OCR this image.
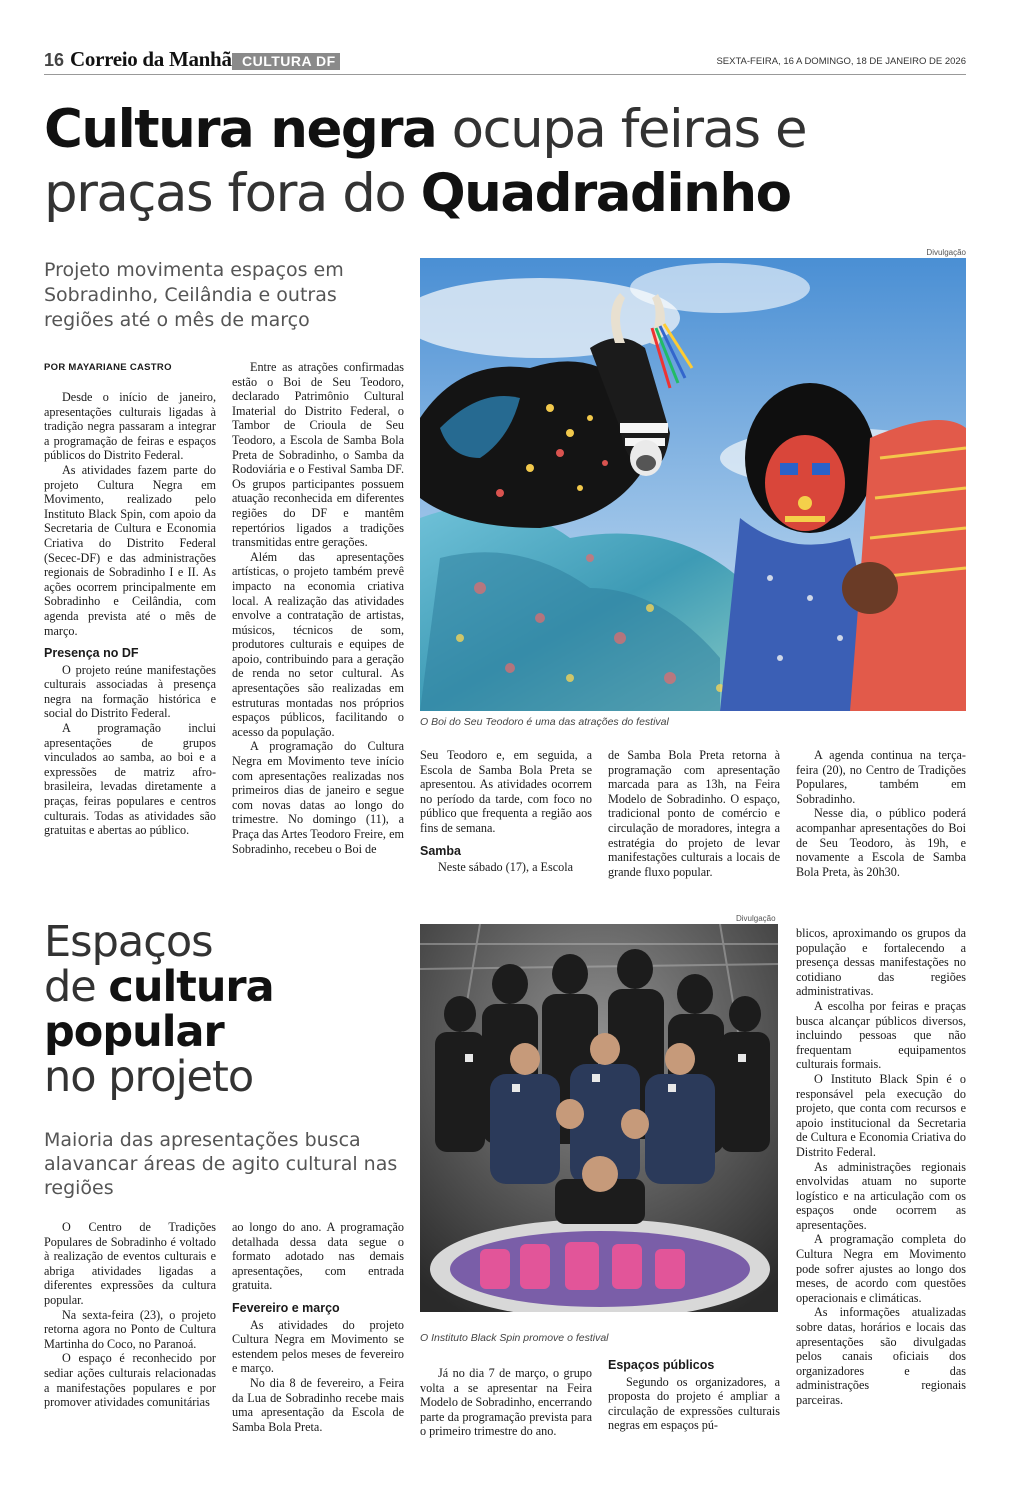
16 Correio da Manhã CULTURA DF	SEXTA-FEIRA, 16 A DOMINGO, 18 DE JANEIRO DE 2026
Cultura negra ocupa feiras e praças fora do Quadradinho
Projeto movimenta espaços em Sobradinho, Ceilândia e outras regiões até o mês de março
Divulgação
O Boi do Seu Teodoro é uma das atrações do festival
POR MAYARIANE CASTRO

Desde o início de janeiro, apresentações culturais ligadas à tradição negra passaram a integrar a programação de feiras e espaços públicos do Distrito Federal.

As atividades fazem parte do projeto Cultura Negra em Movimento, realizado pelo Instituto Black Spin, com apoio da Secretaria de Cultura e Economia Criativa do Distrito Federal (Secec-DF) e das administrações regionais de Sobradinho I e II. As ações ocorrem principalmente em Sobradinho e Ceilândia, com agenda prevista até o mês de março.

Presença no DF

O projeto reúne manifestações culturais associadas à presença negra na formação histórica e social do Distrito Federal.

A programação inclui apresentações de grupos vinculados ao samba, ao boi e a expressões de matriz afro-brasileira, levadas diretamente a praças, feiras populares e centros culturais. Todas as atividades são gratuitas e abertas ao público.

Entre as atrações confirmadas estão o Boi de Seu Teodoro, declarado Patrimônio Cultural Imaterial do Distrito Federal, o Tambor de Crioula de Seu Teodoro, a Escola de Samba Bola Preta de Sobradinho, o Samba da Rodoviária e o Festival Samba DF. Os grupos participantes possuem atuação reconhecida em diferentes regiões do DF e mantêm repertórios ligados a tradições transmitidas entre gerações.

Além das apresentações artísticas, o projeto também prevê impacto na economia criativa local. A realização das atividades envolve a contratação de artistas, músicos, técnicos de som, produtores culturais e equipes de apoio, contribuindo para a geração de renda no setor cultural. As apresentações são realizadas em estruturas montadas nos próprios espaços públicos, facilitando o acesso da população.

A programação do Cultura Negra em Movimento teve início com apresentações realizadas nos primeiros dias de janeiro e segue com novas datas ao longo do trimestre. No domingo (11), a Praça das Artes Teodoro Freire, em Sobradinho, recebeu o Boi de

Seu Teodoro e, em seguida, a Escola de Samba Bola Preta se apresentou. As atividades ocorrem no período da tarde, com foco no público que frequenta a região aos fins de semana.

Samba

Neste sábado (17), a Escola

de Samba Bola Preta retorna à programação com apresentação marcada para as 13h, na Feira Modelo de Sobradinho. O espaço, tradicional ponto de comércio e circulação de moradores, integra a estratégia do projeto de levar manifestações culturais a locais de grande fluxo popular.

A agenda continua na terça-feira (20), no Centro de Tradições Populares, também em Sobradinho.

Nesse dia, o público poderá acompanhar apresentações do Boi de Seu Teodoro, às 19h, e novamente a Escola de Samba Bola Preta, às 20h30.

Espaços
de cultura popular
no projeto
Maioria das apresentações busca alavancar áreas de agito cultural nas regiões
Divulgação
O Instituto Black Spin promove o festival

O Centro de Tradições Populares de Sobradinho é voltado à realização de eventos culturais e abriga atividades ligadas a diferentes expressões da cultura popular.

Na sexta-feira (23), o projeto retorna agora no Ponto de Cultura Martinha do Coco, no Paranoá.

O espaço é reconhecido por sediar ações culturais relacionadas a manifestações populares e por promover atividades comunitárias

ao longo do ano. A programação detalhada dessa data segue o formato adotado nas demais apresentações, com entrada gratuita.

Fevereiro e março

As atividades do projeto Cultura Negra em Movimento se estendem pelos meses de fevereiro e março.

No dia 8 de fevereiro, a Feira da Lua de Sobradinho recebe mais uma apresentação da Escola de Samba Bola Preta.

Já no dia 7 de março, o grupo volta a se apresentar na Feira Modelo de Sobradinho, encerrando parte da programação prevista para o primeiro trimestre do ano.

Espaços públicos

Segundo os organizadores, a proposta do projeto é ampliar a circulação de expressões culturais negras em espaços pú-

blicos, aproximando os grupos da população e fortalecendo a presença dessas manifestações no cotidiano das regiões administrativas.

A escolha por feiras e praças busca alcançar públicos diversos, incluindo pessoas que não frequentam equipamentos culturais formais.

O Instituto Black Spin é o responsável pela execução do projeto, que conta com recursos e apoio institucional da Secretaria de Cultura e Economia Criativa do Distrito Federal.

As administrações regionais envolvidas atuam no suporte logístico e na articulação com os espaços onde ocorrem as apresentações.

A programação completa do Cultura Negra em Movimento pode sofrer ajustes ao longo dos meses, de acordo com questões operacionais e climáticas.

As informações atualizadas sobre datas, horários e locais das apresentações são divulgadas pelos canais oficiais dos organizadores e das administrações regionais parceiras.
